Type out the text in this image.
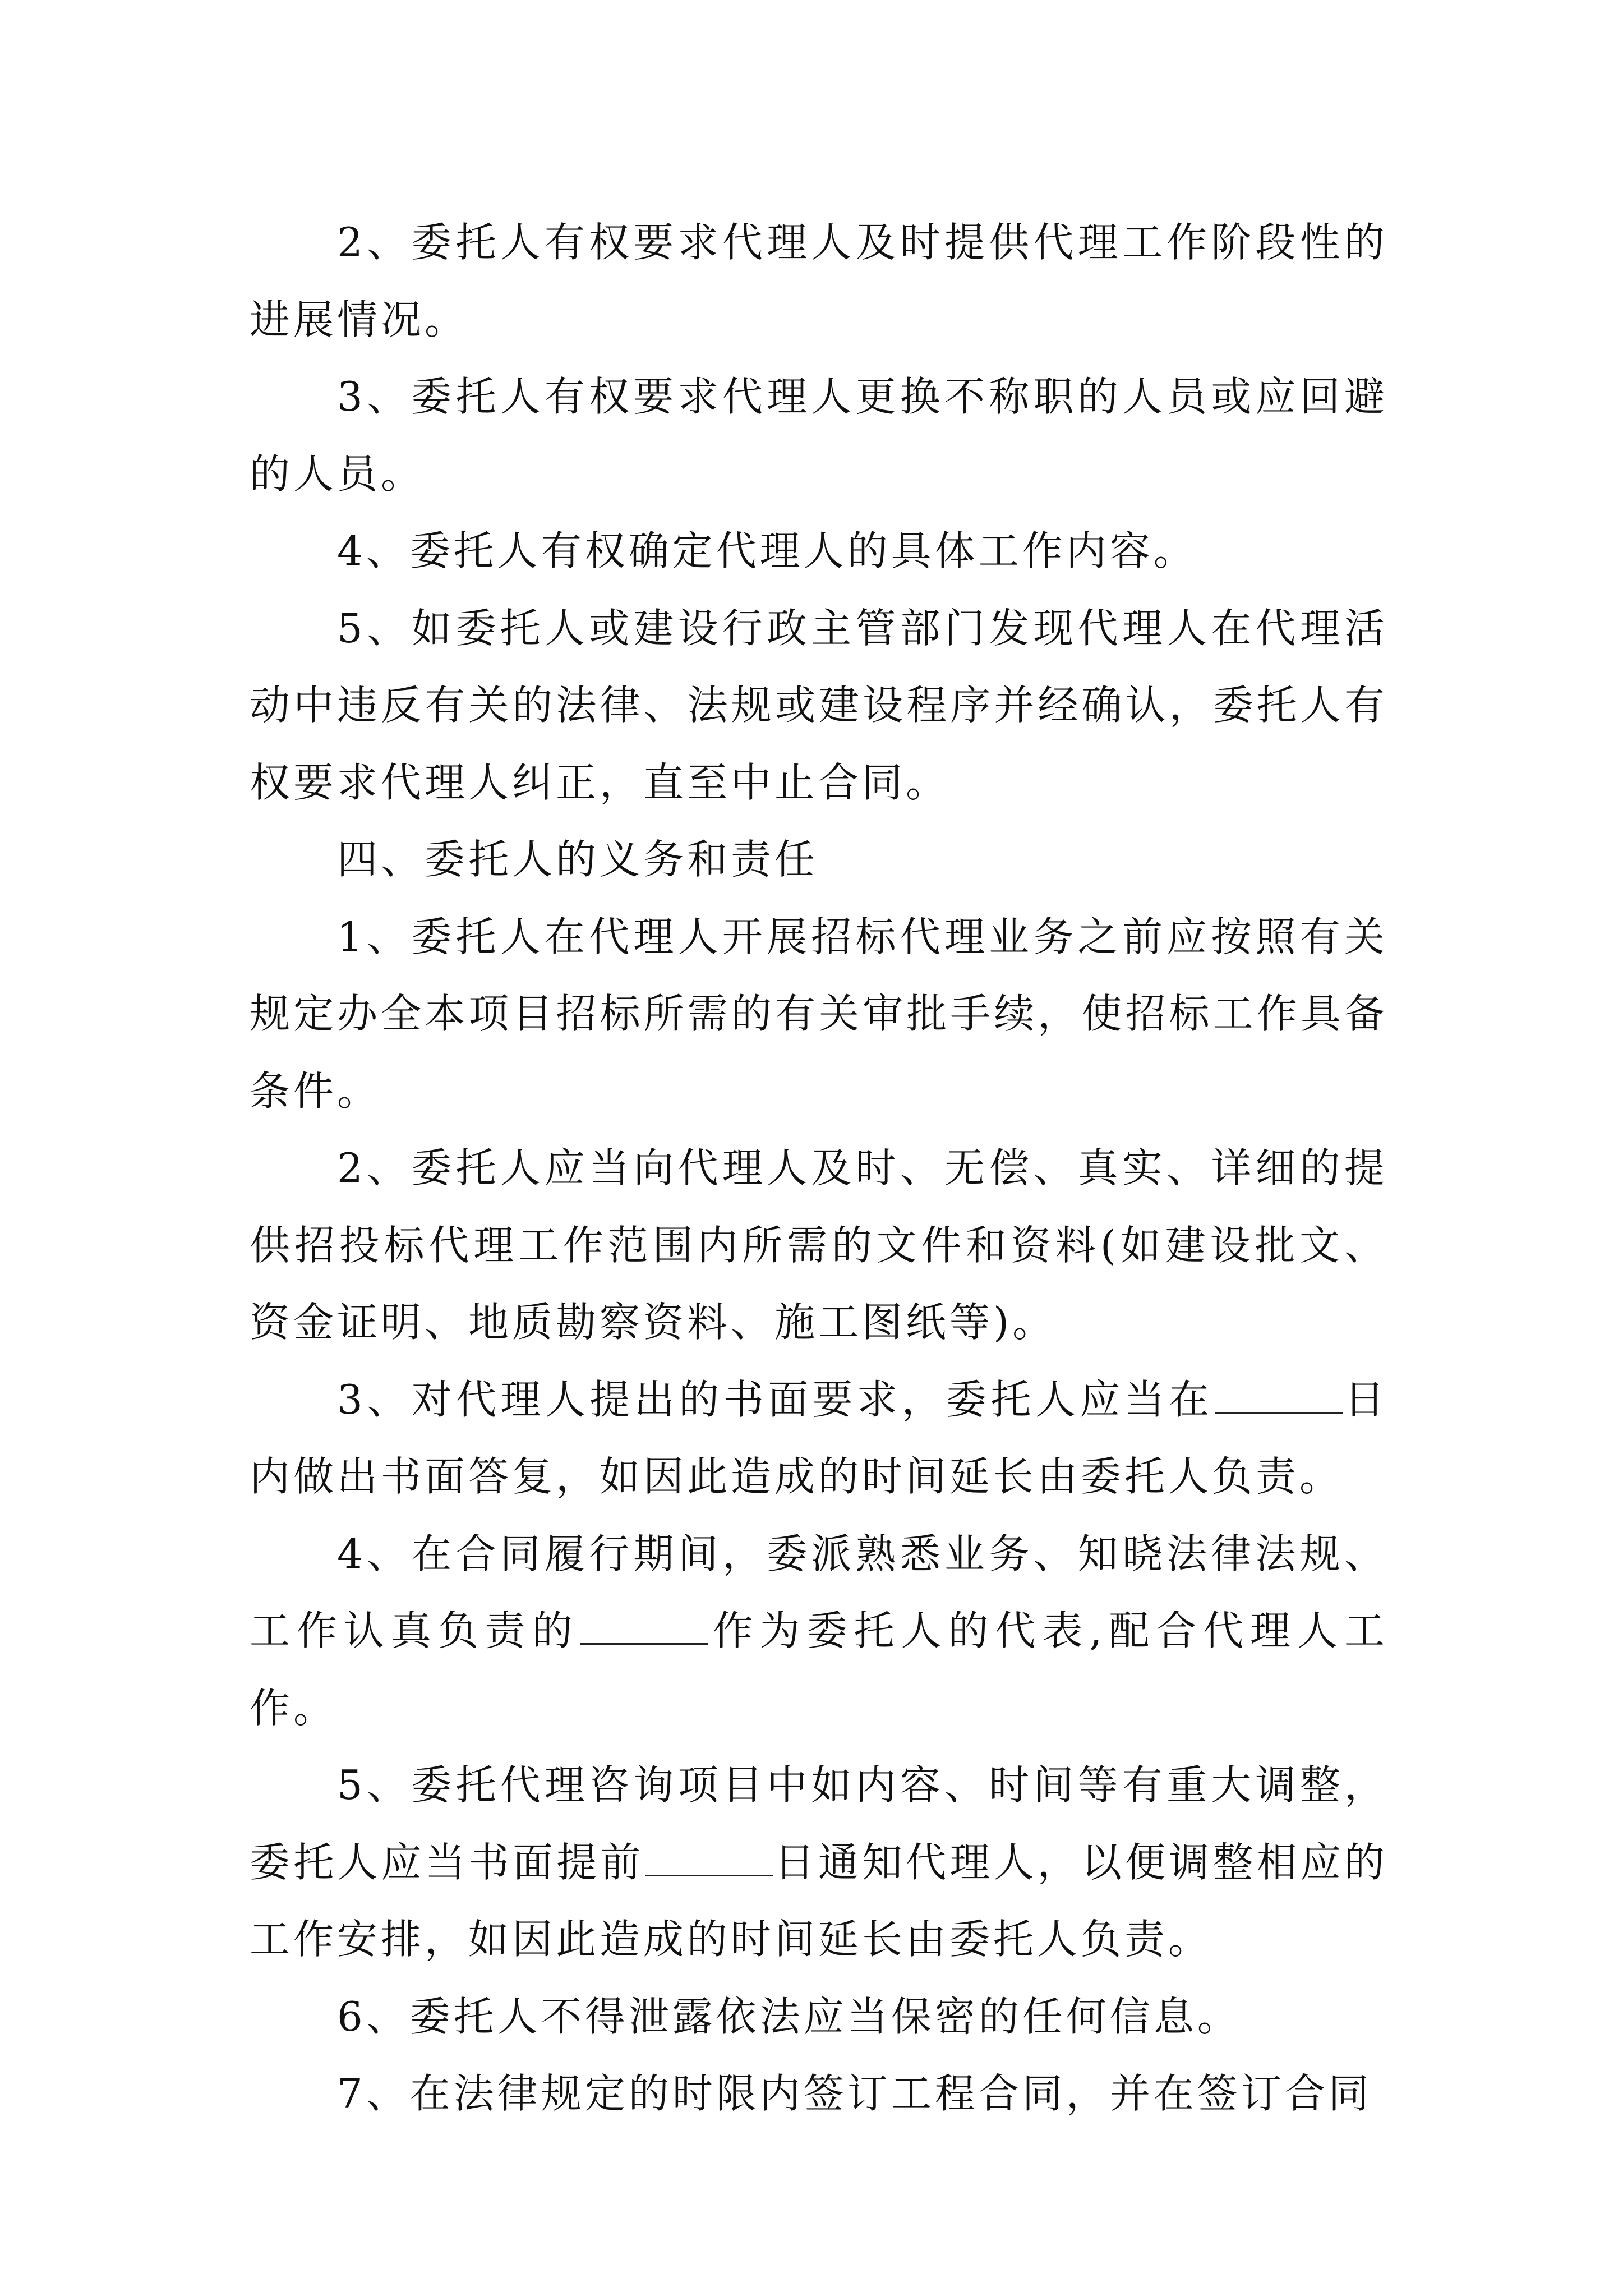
2、委托人有权要求代理人及时提供代理工作阶段性的进展情况。

3、委托人有权要求代理人更换不称职的人员或应回避的人员。

4、委托人有权确定代理人的具体工作内容。

5、如委托人或建设行政主管部门发现代理人在代理活动中违反有关的法律、法规或建设程序并经确认，委托人有权要求代理人纠正，直至中止合同。

四、委托人的义务和责任

1、委托人在代理人开展招标代理业务之前应按照有关规定办全本项目招标所需的有关审批手续，使招标工作具备条件。

2、委托人应当向代理人及时、无偿、真实、详细的提供招投标代理工作范围内所需的文件和资料(如建设批文、资金证明、地质勘察资料、施工图纸等)。

3、对代理人提出的书面要求，委托人应当在	日内做出书面答复，如因此造成的时间延长由委托人负责。

4、在合同履行期间，委派熟悉业务、知晓法律法规、工作认真负责的	作为委托人的代表,配合代理人工作。

5、委托代理咨询项目中如内容、时间等有重大调整，委托人应当书面提前	日通知代理人，以便调整相应的工作安排，如因此造成的时间延长由委托人负责。

6、委托人不得泄露依法应当保密的任何信息。

7、在法律规定的时限内签订工程合同，并在签订合同
